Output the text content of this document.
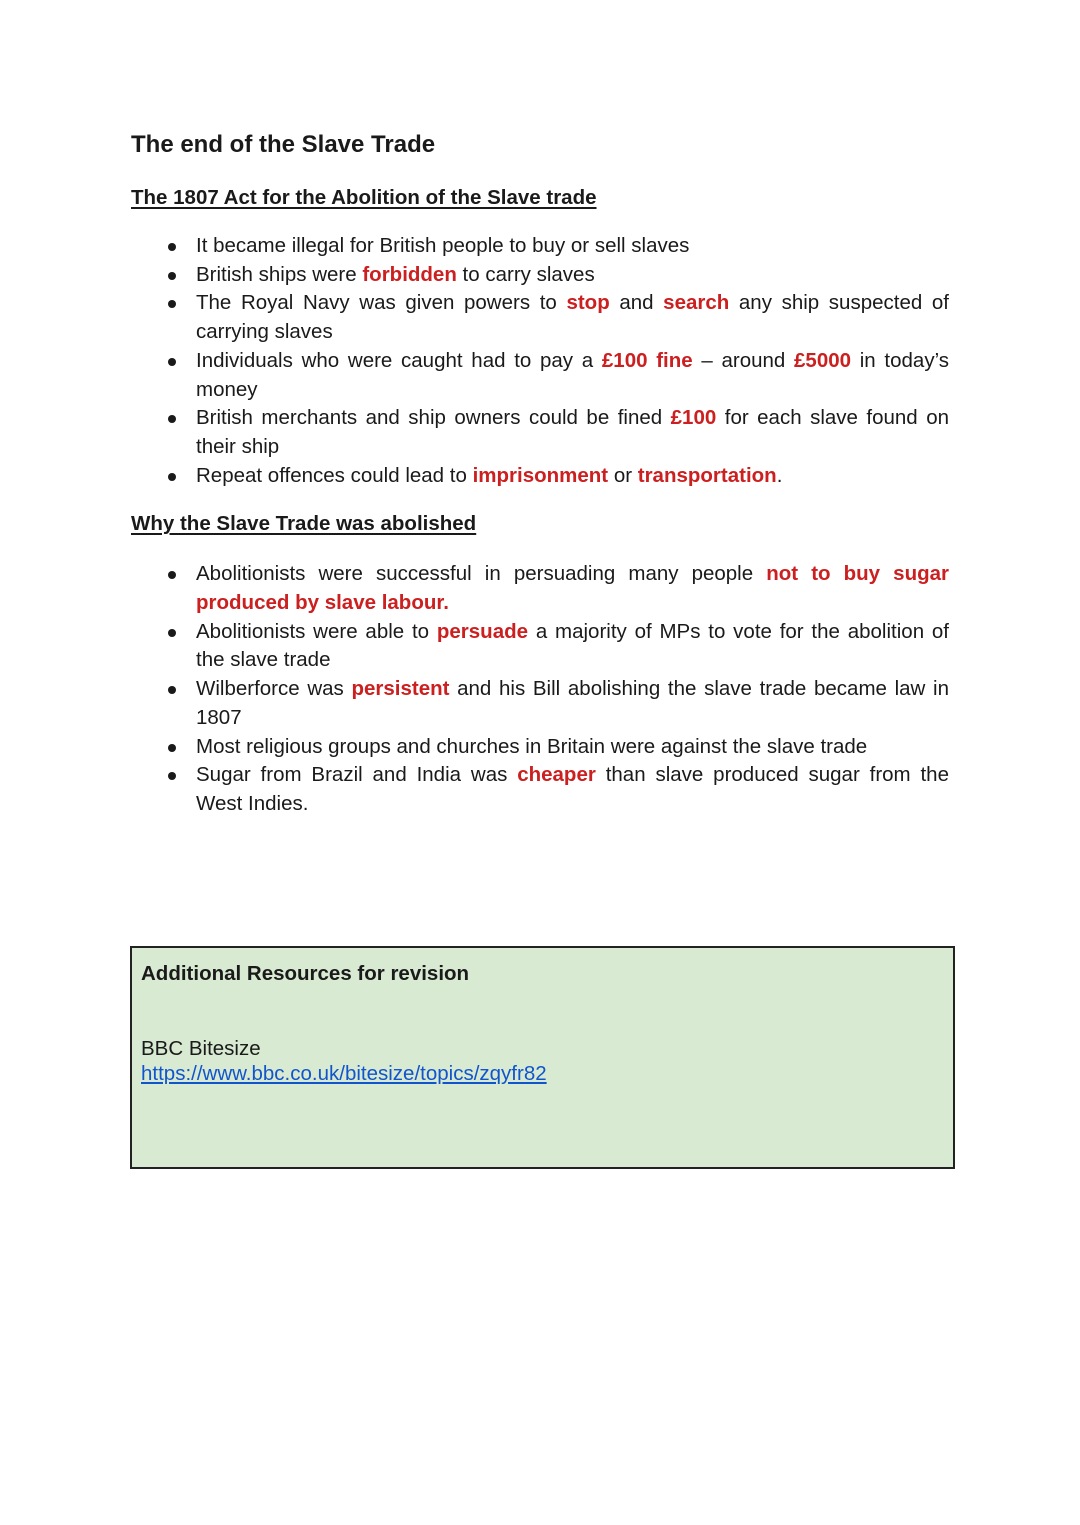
The end of the Slave Trade
The 1807 Act for the Abolition of the Slave trade
It became illegal for British people to buy or sell slaves
British ships were forbidden to carry slaves
The Royal Navy was given powers to stop and search any ship suspected of carrying slaves
Individuals who were caught had to pay a £100 fine – around £5000 in today’s money
British merchants and ship owners could be fined £100 for each slave found on their ship
Repeat offences could lead to imprisonment or transportation.
Why the Slave Trade was abolished
Abolitionists were successful in persuading many people not to buy sugar produced by slave labour.
Abolitionists were able to persuade a majority of MPs to vote for the abolition of the slave trade
Wilberforce was persistent and his Bill abolishing the slave trade became law in 1807
Most religious groups and churches in Britain were against the slave trade
Sugar from Brazil and India was cheaper than slave produced sugar from the West Indies.
Additional Resources for revision
BBC Bitesize
https://www.bbc.co.uk/bitesize/topics/zqyfr82
